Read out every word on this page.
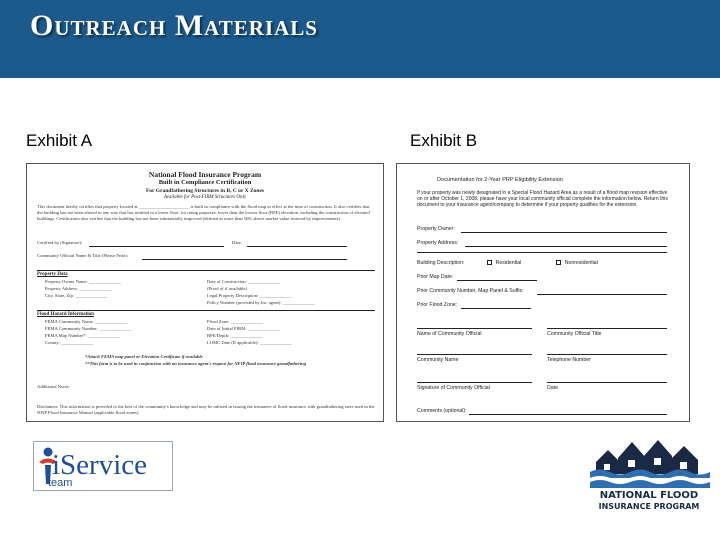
Outreach Materials
Exhibit A	Exhibit B
National Flood Insurance Program
Built in Compliance Certification
For Grandfathering Structures in B, C or X Zones
Available for Post-FIRM Structures Only
This document hereby certifies that property located at ______________________ is built in compliance with the flood map in effect at the time of construction. It also certifies that the building has not been altered in any way that has resulted in a lower floor, for rating purposes, lower than the lowest floor (BFE) elevation, including the construction of elevated buildings. Certification also verifies that the building has not been substantially improved (defined as more than 50% above market value restored by improvements).
Certified by (Signature):	Date:
Community Official Name & Title (Please Print):
Property Data
Flood Hazard Information
*Attach FEMA map panel or Elevation Certificate if available
**This form is to be used in conjunction with an insurance agent's request for NFIP flood insurance grandfathering
Additional Notes:
Disclaimer: This information is provided to the best of the community's knowledge and may be utilized in issuing the insurance of flood insurance with grandfathering rates used in the NFIP Flood Insurance Manual (applicable flood zones).
Property Owner Name: ______________	Date of Construction: ______________
Property Address: ______________	(Proof of if available)
City, State, Zip: ______________	Legal Property Description: ______________
Policy Number (provided by Ins. agent): ______________
FEMA Community Name: ______________	Flood Zone: ______________
FEMA Community Number: ______________	Date of Initial FIRM: ______________
FEMA Map Number*: ______________	BFE/Depth: ______________
County: ______________	LOMC Date (If applicable): ______________
Documentation for 2-Year PRP Eligibility Extension
If your property was newly designated in a Special Flood Hazard Area as a result of a flood map revision effective on or after October 1, 2008, please have your local community official complete the information below. Return this document to your insurance agent/company to determine if your property qualifies for the extension.
Property Owner:
Property Address:
Building Description:	Residential	Nonresidential
Prior Map Date:
Prior Community Number, Map Panel & Suffix:
Prior Flood Zone:
Name of Community Official	Community Official Title
Community Name	Telephone Number
Signature of Community Official	Date
Comments (optional):
iService
team
NATIONAL FLOOD
INSURANCE PROGRAM
